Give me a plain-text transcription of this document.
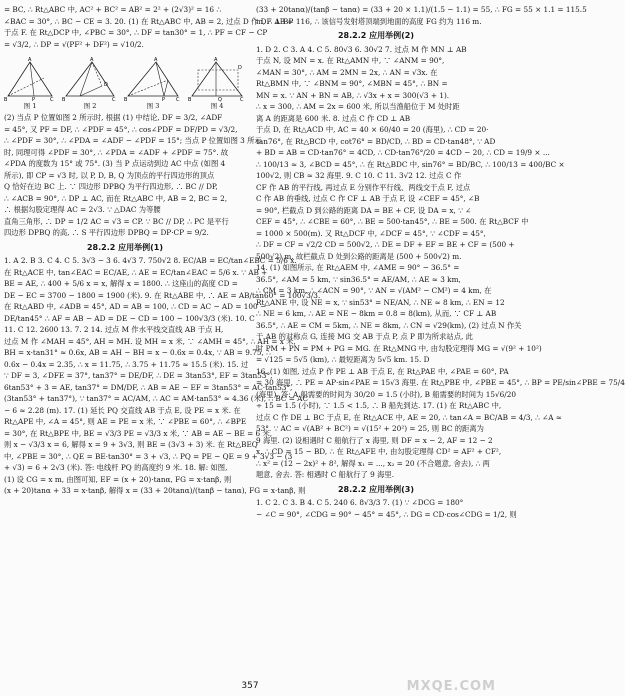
= BC, ∴ Rt△ABC 中, AC² + BC² = AB² = 2² + (2√3)² = 16 ∴

∠BAC = 30°, ∴ BC − CE = 3. 20. (1) 在 Rt△ABC 中, AB = 2, 过点 D 作 DF ⊥ BP

于点 F. 在 Rt△DCP 中, ∠PBC = 30°, ∴ DF = tan30° = 1, ∴ PF = CF − CP

= √3/2, ∴ DP = √(PF² + DF²) = √10/2.

A
B	C
P
图 1
A
B	C
D
图 2
A
B	C
P
图 3
A
B	C
D
Q
图 4

(2) 当点 P 位置如图 2 所示时, 根据 (1) 中结论, DF = 3/2, ∠ADF

= 45°, 又 PF = DF, ∴ ∠PDF = 45°, ∴ cos∠PDF = DF/PD = √3/2,

∴ ∠PDF = 30°, ∴ ∠PDA = ∠ADF − ∠PDF = 15°; 当点 P 位置如图 3 所示

时, 同理可得 ∠PDF = 30°, ∴ ∠PDA = ∠ADF + ∠PDF = 75°. 故

∠PDA 的度数为 15° 或 75°. (3) 当 P 点运动到边 AC 中点 (如图 4

所示), 即 CP = √3 时, 以 P, D, B, Q 为顶点的平行四边形的顶点

Q 恰好在边 BC 上. ∵ 四边形 DPBQ 为平行四边形, ∴ BC // DP,

∴ ∠ACB = 90°, ∴ DP ⊥ AC, 而在 Rt△ABC 中, AB = 2, BC = 2,

∴ 根据勾股定理得 AC = 2√3. ∵ △DAC 为等腰

直角三角形, ∴ DP = 1/2 AC = √3 = CP. ∵ BC // DP, ∴ PC 是平行

四边形 DPBQ 的高, ∴ S 平行四边形 DPBQ = DP·CP = 9/2.

28.2.2 应用举例(1)

1. A 2. B 3. C 4. C 5. 3√3 − 3 6. 4√3 7. 750√2 8. EC/AB = EC/tan∠EBC = 5/6 x.

在 Rt△ACE 中, tan∠EAC = EC/AE, ∴ AE = EC/tan∠EAC = 5/6 x. ∵ AB +

BE = AE, ∴ 400 + 5/6 x = x, 解得 x = 1800. ∴ 这座山的高度 CD =

DE − EC = 3700 − 1800 = 1900 (米). 9. 在 Rt△ABE 中, ∴ AE = AB/tan60° = 100√3/3.

在 Rt△ABD 中, ∠ADB = 45°, AD = AB = 100, ∴ CD = AC − AD = 100 −

DE/tan45° ∴ AF = AB − AD = DE − CD = 100 − 100√3/3 (米). 10. C

11. C 12. 2600 13. 7. 2 14. 过点 M 作水平线交直线 AB 于点 H,

过点 M 作 ∠MAH = 45°, AH = MH. 设 MH = x 米, ∵ ∠AMH = 45°, ∴ AH = x 米,

BH = x·tan31° ≈ 0.6x, AB = AH − BH = x − 0.6x = 0.4x, ∵ AB = 9.75, ∴

0.6x − 0.4x = 2.35, ∴ x = 11.75, ∴ 3.75 + 11.75 ≈ 15.5 (米). 15. 过

∵ DF = 3, ∠DFE = 37°, tan37° = DE/DF, ∴ DE = 3tan53°, EF = 3tan53°,

6tan53° + 3 = AE, tan37° = DM/DF, ∴ AB = AE − EF = 3tan53° = AC·tan53°,

(3tan53° + tan37°), ∵ tan37° = AC/AM, ∴ AC = AM·tan53° ≈ 4.36 (米), ∴ BC = AC

− 6 ≈ 2.28 (m). 17. (1) 延长 PQ 交直线 AB 于点 E, 设 PE = x 米. 在

Rt△APE 中, ∠A = 45°, 则 AE = PE = x 米, ∵ ∠PBE = 60°, ∴ ∠BPE

= 30°, 在 Rt△BPE 中, BE = √3/3 PE = √3/3 x 米, ∵ AB = AE − BE = 6 米,

则 x − √3/3 x = 6, 解得 x = 9 + 3√3, 则 BE = (3√3 + 3) 米. 在 Rt△BEQ

中, ∠PBE = 30°, ∴ QE = BE·tan30° = 3 + √3, ∴ PQ = PE − QE = 9 + 3√3 − (3

+ √3) = 6 + 2√3 (米). 答: 电线杆 PQ 的高度约 9 米. 18. 解: 如图,

(1) 设 CG = x m, 由图可知, EF = (x + 20)·tanα, FG = x·tanβ, 则

(x + 20)tanα + 33 = x·tanβ, 解得 x = (33 + 20tanα)/(tanβ − tanα), FG = x·tanβ, 则

(33 + 20tanα)/(tanβ − tanα) = (33 + 20 × 1.1)/(1.5 − 1.1) = 55, ∴ FG = 55 × 1.1 = 115.5

m, ∴ AB ≈ 116, ∴ 该信号发射塔顶端到地面的高度 FG 约为 116 m.

28.2.2 应用举例(2)

1. D 2. C 3. A 4. C 5. 80√3 6. 30√2 7. 过点 M 作 MN ⊥ AB

于点 N, 设 MN = x. 在 Rt△AMN 中, ∵ ∠ANM = 90°,

∠MAN = 30°, ∴ AM = 2MN = 2x, ∴ AN = √3x. 在

Rt△BMN 中, ∵ ∠BNM = 90°, ∠MBN = 45°, ∴ BN =

MN = x. ∵ AN + BN = AB, ∴ √3x + x = 300(√3 + 1).

∴ x = 300, ∴ AM = 2x = 600 米, 所以当渔船位于 M 处时距

离 A 的距离是 600 米. 8. 过点 C 作 CD ⊥ AB

于点 D, 在 Rt△ACD 中, AC = 40 × 60/40 = 20 (海里), ∴ CD = 20·

tan76°, 在 Rt△BCD 中, cot76° = BD/CD, ∴ BD = CD·tan48°, ∵ AD

+ BD = AB = CD·tan76° = 4CD, ∴ CD·tan76°/20 = 4CD − 20, ∴ CD = 19/9 × ...

∴ 100/13 ≈ 3, ∠BCD = 45°, ∴ 在 Rt△BDC 中, sin76° = BD/BC, ∴ 100/13 = 400/BC ×

100√2, 则 CB ≈ 32 海里. 9. C 10. C 11. 3√2 12. 过点 C 作

CF 作 AB 的平行线, 再过点 E 分别作平行线、两线交于点 F, 过点

C 作 AB 的垂线, 过点 C 作 CF ⊥ AB 于点 F, 设 ∠CEF = 45°, ∠B

= 90°, 栏截点 D 到公路的距离 DA = BE + CF, 设 DA = x, ∵ ∠

CEF = 45°, ∴ ∠CBE = 60°, ∴ BE = 500·tan45°, ∴ BE = 500. 在 Rt△BCF 中

= 1000 × 500(m). 又 Rt△DCF 中, ∠DCF = 45°, ∵ ∠CDF = 45°,

∴ DF = CF = √2/2 CD = 500√2, ∴ DE = DF + EF = BE + CF = (500 +

500√2) m. 故栏截点 D 处到公路的距离是 (500 + 500√2) m.

14. (1) 如图所示, 在 Rt△AEM 中, ∠AME = 90° − 36.5° =

36.5°, ∠AM = 5 km, ∵ sin36.5° = AE/AM, ∴ AE ≈ 3 km,

∴ CM = 3 km, ∴ ∠ACN = 90°, ∵ AN = √(AM² − CM²) = 4 km, 在

Rt△ANE 中, 设 NE = x, ∵ sin53° = NE/AN, ∴ NE ≈ 8 km, ∴ EN = 12

∴ NE = 6 km, ∴ AE = NE − 8km = 0.8 = 8(km), 从而, ∵ CF ⊥ AB

36.5°, ∴ AE = CM = 5km, ∴ NE = 8km, ∴ CN = √29(km), (2) 过点 N 作关

于 AB 的对称点 G, 连接 MG 交 AB 于点 P, 点 P 即为所求站点, 此

时 PM + PN = PM + PG = MG. 在 Rt△MNG 中, 由勾股定理得 MG = √(9² + 10²)

= √125 = 5√5 (km), ∴ 最短距离为 5√5 km. 15. D

16. (1) 如图, 过点 P 作 PE ⊥ AB 于点 E, 在 Rt△PAE 中, ∠PAE = 60°, PA

= 30 海里, ∴ PE = AP·sin∠PAE = 15√3 海里. 在 Rt△PBE 中, ∠PBE = 45°, ∴ BP = PE/sin∠PBE = 75/4

(海里). 答: A 船需要的时间为 30/20 = 1.5 (小时), B 船需要的时间为 15√6/20

÷ 15 = 1.5 (小时), ∵ 1.5 < 1.5, ∴ B 船先到达. 17. (1) 在 Rt△ABC 中,

过点 C 作 DE ⊥ BC 于点 E, 在 Rt△ACE 中, AE = 20, ∴ tan∠A = BC/AB = 4/3, ∴ ∠A ≈

53°. ∵ AC = √(AB² + BC²) = √(15² + 20²) = 25, 则 BC 的距离为

9 海里. (2) 设相遇时 C 船航行了 x 海里, 则 DF = x − 2, AF = 12 − 2

x, ∴ CD = 15 − BD, ∴ 在 Rt△AFE 中, 由勾股定理得 CD² = AF² + CF²,

∴ x² = (12 − 2x)² + 8², 解得 x₁ = ..., x₂ = 20 (不合题意, 舍去), ∴ 两

题意, 舍去. 答: 相遇时 C 船航行了 9 海里.

28.2.2 应用举例(3)

1. C 2. C 3. B 4. C 5. 240 6. 8√3/3 7. (1) ∵ ∠DCG = 180°

− ∠C = 90°, ∠CDG = 90° − 45° = 45°, ∴ DG = CD·cos∠CDG = 1/2, 则

357	MXQE.COM
